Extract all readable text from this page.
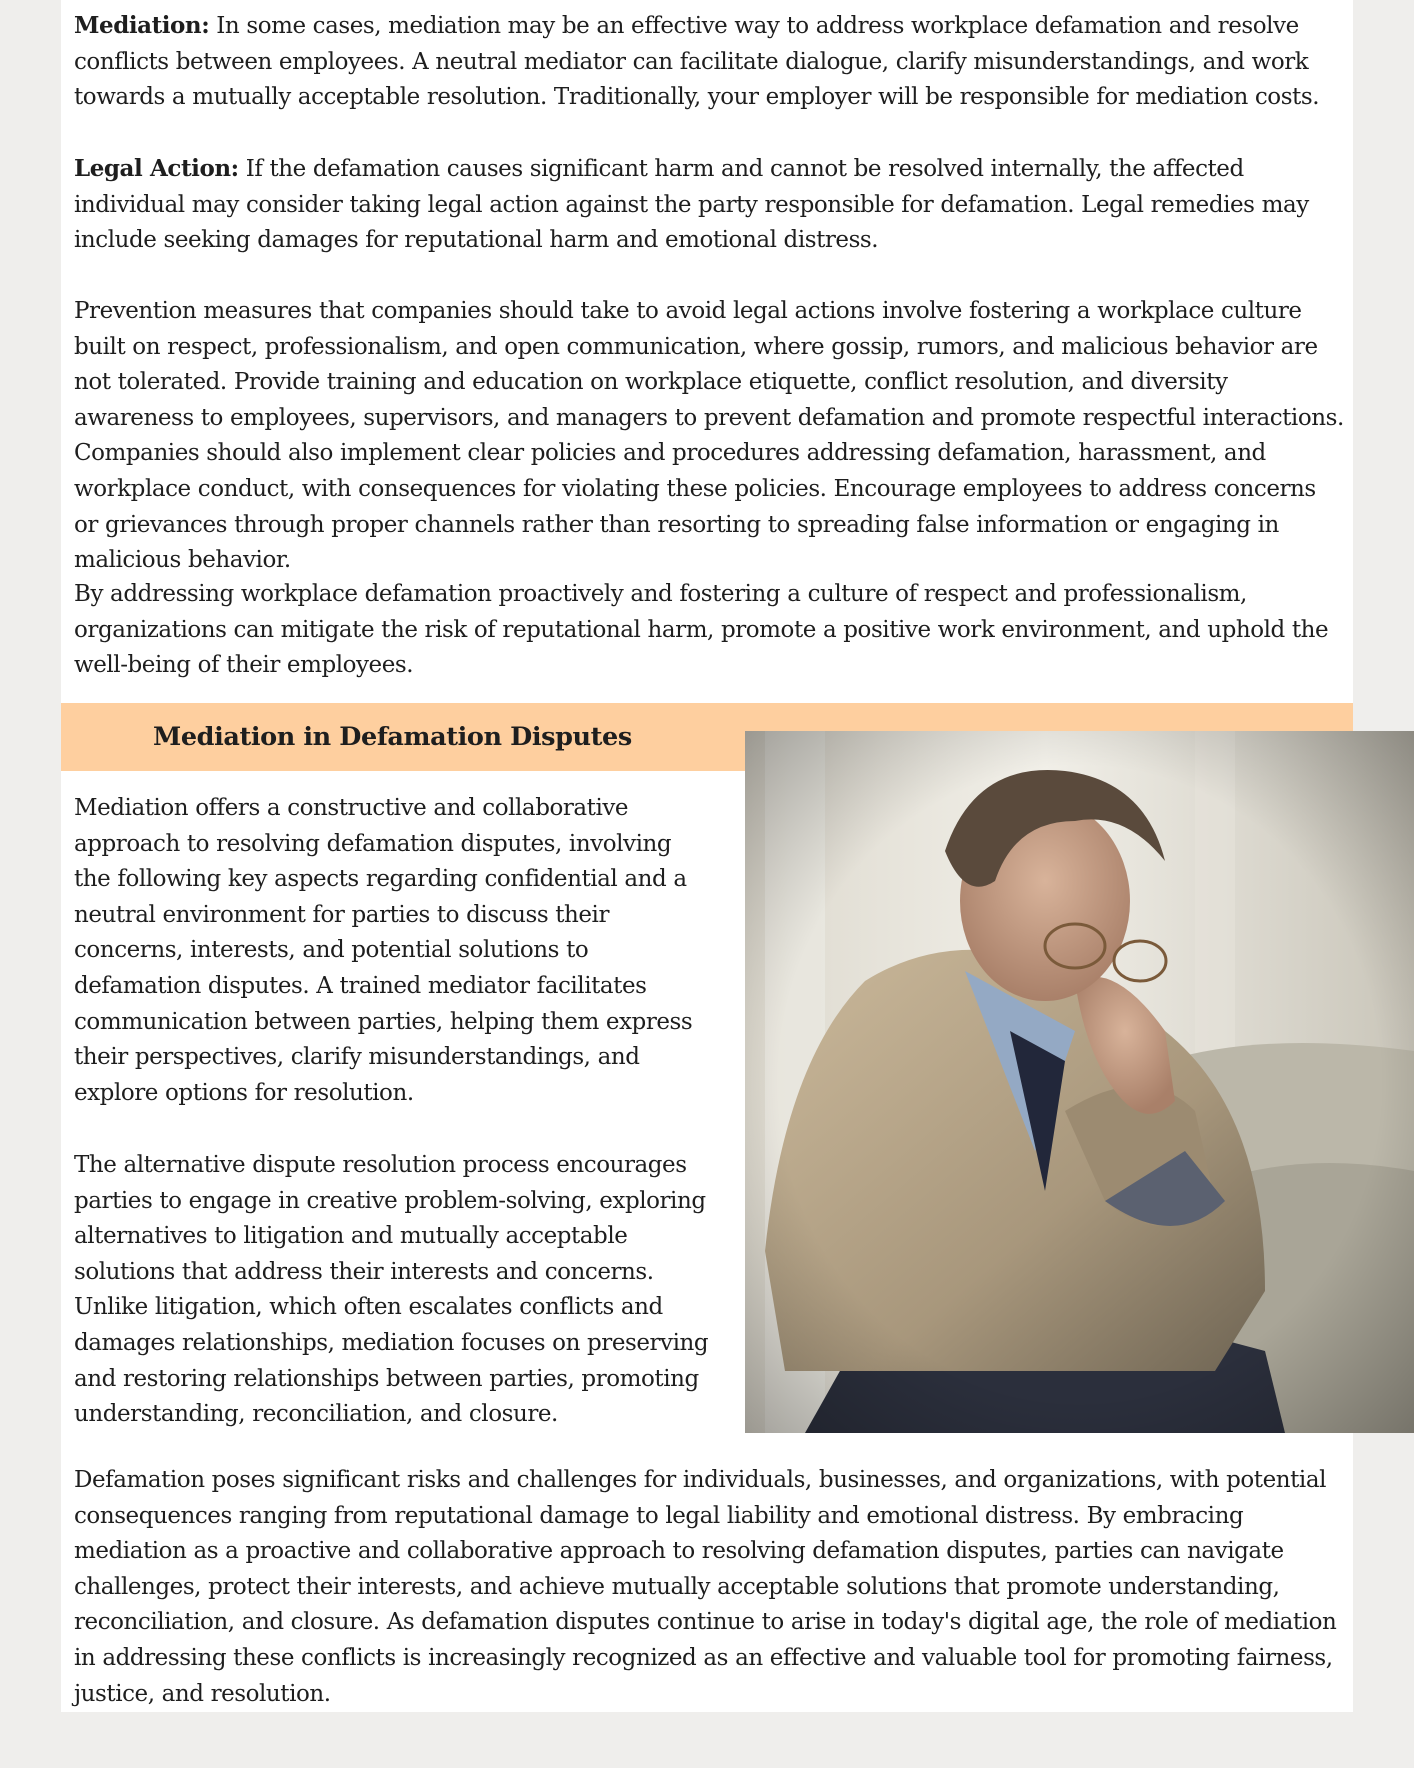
Mediation: In some cases, mediation may be an effective way to address workplace defamation and resolve conflicts between employees. A neutral mediator can facilitate dialogue, clarify misunderstandings, and work towards a mutually acceptable resolution. Traditionally, your employer will be responsible for mediation costs.

Legal Action: If the defamation causes significant harm and cannot be resolved internally, the affected individual may consider taking legal action against the party responsible for defamation. Legal remedies may include seeking damages for reputational harm and emotional distress.

Prevention measures that companies should take to avoid legal actions involve fostering a workplace culture built on respect, professionalism, and open communication, where gossip, rumors, and malicious behavior are not tolerated. Provide training and education on workplace etiquette, conflict resolution, and diversity awareness to employees, supervisors, and managers to prevent defamation and promote respectful interactions. Companies should also implement clear policies and procedures addressing defamation, harassment, and workplace conduct, with consequences for violating these policies. Encourage employees to address concerns or grievances through proper channels rather than resorting to spreading false information or engaging in malicious behavior.

By addressing workplace defamation proactively and fostering a culture of respect and professionalism, organizations can mitigate the risk of reputational harm, promote a positive work environment, and uphold the well-being of their employees.

Mediation in Defamation Disputes

Mediation offers a constructive and collaborative approach to resolving defamation disputes, involving the following key aspects regarding confidential and a neutral environment for parties to discuss their concerns, interests, and potential solutions to defamation disputes. A trained mediator facilitates communication between parties, helping them express their perspectives, clarify misunderstandings, and explore options for resolution.

The alternative dispute resolution process encourages parties to engage in creative problem-solving, exploring alternatives to litigation and mutually acceptable solutions that address their interests and concerns. Unlike litigation, which often escalates conflicts and damages relationships, mediation focuses on preserving and restoring relationships between parties, promoting understanding, reconciliation, and closure.

Defamation poses significant risks and challenges for individuals, businesses, and organizations, with potential consequences ranging from reputational damage to legal liability and emotional distress. By embracing mediation as a proactive and collaborative approach to resolving defamation disputes, parties can navigate challenges, protect their interests, and achieve mutually acceptable solutions that promote understanding, reconciliation, and closure. As defamation disputes continue to arise in today's digital age, the role of mediation in addressing these conflicts is increasingly recognized as an effective and valuable tool for promoting fairness, justice, and resolution.
